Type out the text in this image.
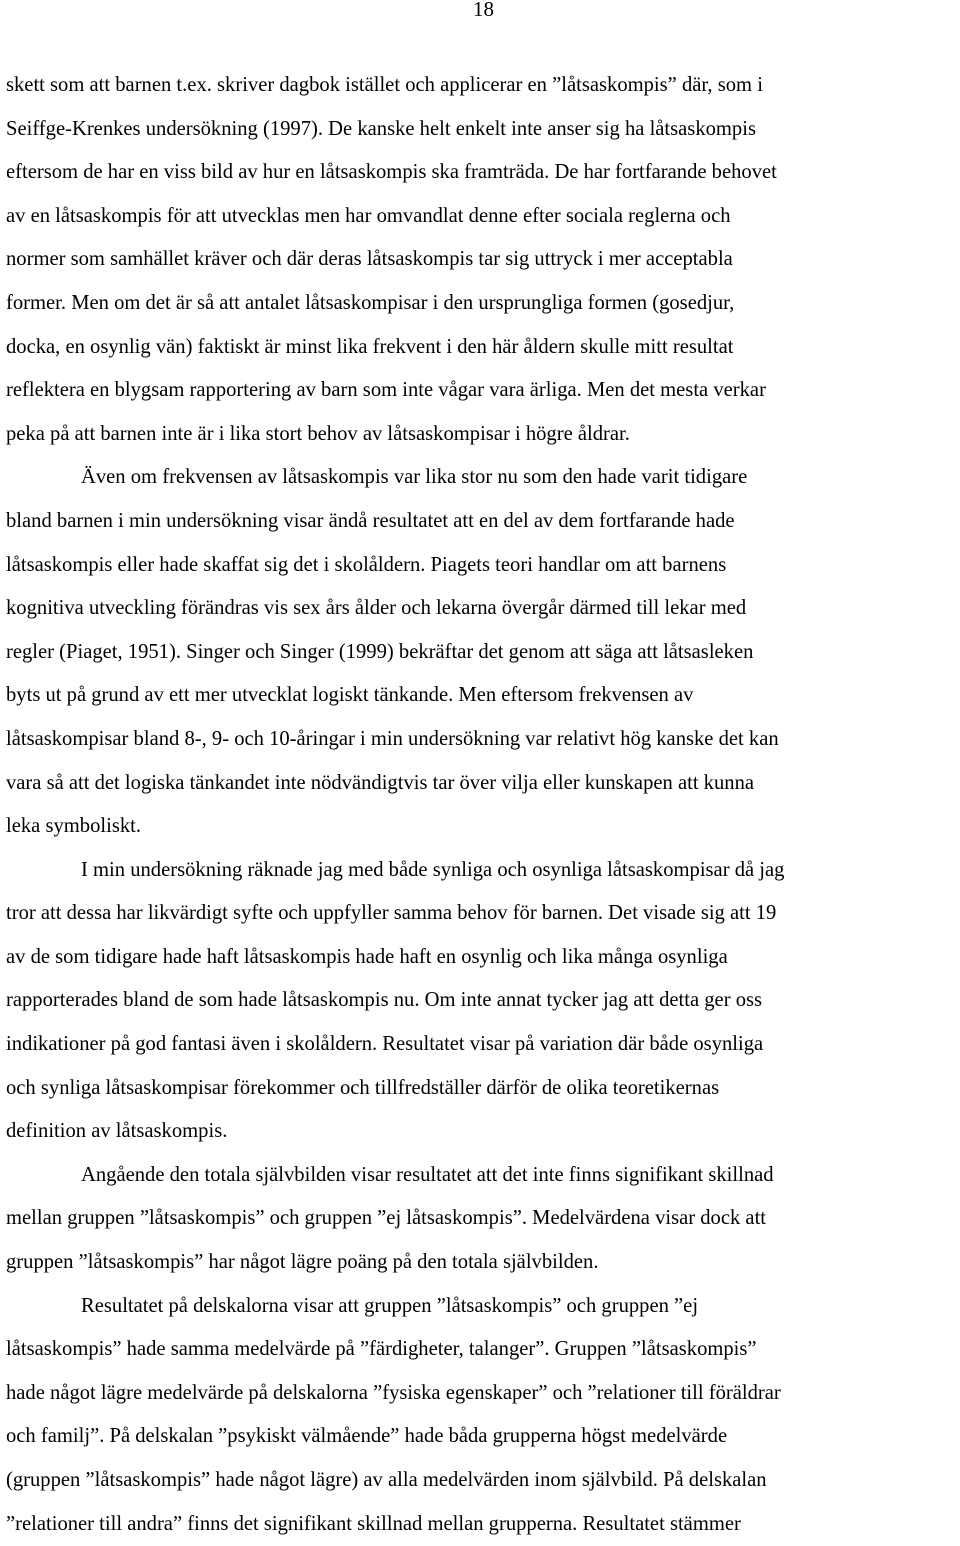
18

skett som att barnen t.ex. skriver dagbok istället och applicerar en ”låtsaskompis” där, som i
Seiffge-Krenkes undersökning (1997). De kanske helt enkelt inte anser sig ha låtsaskompis
eftersom de har en viss bild av hur en låtsaskompis ska framträda. De har fortfarande behovet
av en låtsaskompis för att utvecklas men har omvandlat denne efter sociala reglerna och
normer som samhället kräver och där deras låtsaskompis tar sig uttryck i mer acceptabla
former. Men om det är så att antalet låtsaskompisar i den ursprungliga formen (gosedjur,
docka, en osynlig vän) faktiskt är minst lika frekvent i den här åldern skulle mitt resultat
reflektera en blygsam rapportering av barn som inte vågar vara ärliga. Men det mesta verkar
peka på att barnen inte är i lika stort behov av låtsaskompisar i högre åldrar.

Även om frekvensen av låtsaskompis var lika stor nu som den hade varit tidigare
bland barnen i min undersökning visar ändå resultatet att en del av dem fortfarande hade
låtsaskompis eller hade skaffat sig det i skolåldern. Piagets teori handlar om att barnens
kognitiva utveckling förändras vis sex års ålder och lekarna övergår därmed till lekar med
regler (Piaget, 1951). Singer och Singer (1999) bekräftar det genom att säga att låtsasleken
byts ut på grund av ett mer utvecklat logiskt tänkande. Men eftersom frekvensen av
låtsaskompisar bland 8-, 9- och 10-åringar i min undersökning var relativt hög kanske det kan
vara så att det logiska tänkandet inte nödvändigtvis tar över vilja eller kunskapen att kunna
leka symboliskt.

I min undersökning räknade jag med både synliga och osynliga låtsaskompisar då jag
tror att dessa har likvärdigt syfte och uppfyller samma behov för barnen. Det visade sig att 19
av de som tidigare hade haft låtsaskompis hade haft en osynlig och lika många osynliga
rapporterades bland de som hade låtsaskompis nu. Om inte annat tycker jag att detta ger oss
indikationer på god fantasi även i skolåldern. Resultatet visar på variation där både osynliga
och synliga låtsaskompisar förekommer och tillfredställer därför de olika teoretikernas
definition av låtsaskompis.

Angående den totala självbilden visar resultatet att det inte finns signifikant skillnad
mellan gruppen ”låtsaskompis” och gruppen ”ej låtsaskompis”. Medelvärdena visar dock att
gruppen ”låtsaskompis” har något lägre poäng på den totala självbilden.

Resultatet på delskalorna visar att gruppen ”låtsaskompis” och gruppen ”ej
låtsaskompis” hade samma medelvärde på ”färdigheter, talanger”. Gruppen ”låtsaskompis”
hade något lägre medelvärde på delskalorna ”fysiska egenskaper” och ”relationer till föräldrar
och familj”. På delskalan ”psykiskt välmående” hade båda grupperna högst medelvärde
(gruppen ”låtsaskompis” hade något lägre) av alla medelvärden inom självbild. På delskalan
”relationer till andra” finns det signifikant skillnad mellan grupperna. Resultatet stämmer
